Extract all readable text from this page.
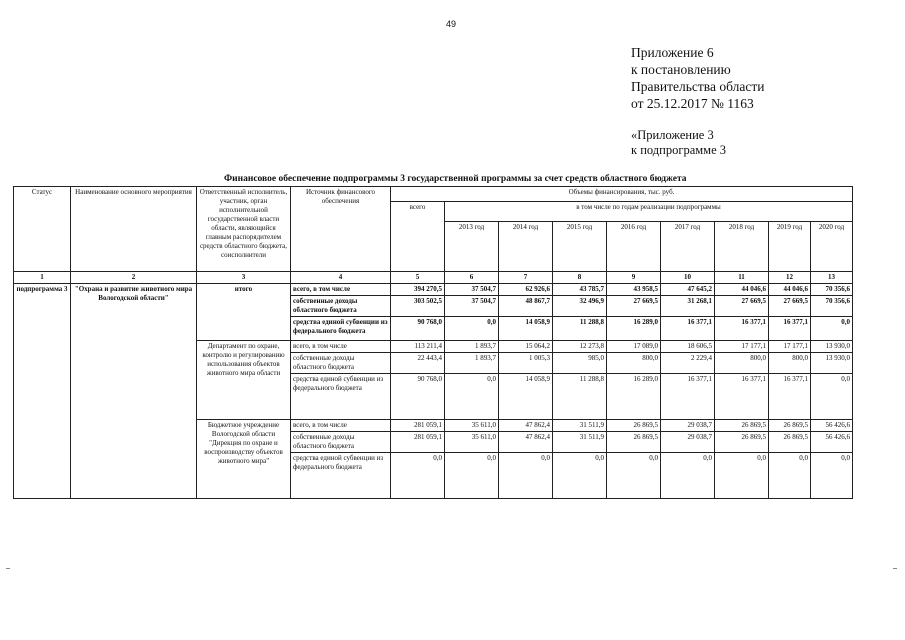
49
Приложение 6
к постановлению
Правительства области
от 25.12.2017 № 1163
«Приложение 3
к подпрограмме 3
Финансовое обеспечение подпрограммы 3 государственной программы за счет средств областного бюджета
Статус	Наименование основного мероприятия	Ответственный исполнитель, участник, орган исполнительной государственной власти области, являющийся главным распорядителем средств областного бюджета, соисполнители	Источник финансового обеспечения	Объемы финансирования, тыс. руб.								
				всего	в том числе по годам реализации подпрограммы							
					2013 год	2014 год	2015 год	2016 год	2017 год	2018 год	2019 год	2020 год
1	2	3	4	5	6	7	8	9	10	11	12	13
подпрограмма 3	"Охрана и развитие животного мира Вологодской области"	итого	всего, в том числе	394 270,5	37 504,7	62 926,6	43 785,7	43 958,5	47 645,2	44 046,6	44 046,6	70 356,6
			собственные доходы областного бюджета	303 502,5	37 504,7	48 867,7	32 496,9	27 669,5	31 268,1	27 669,5	27 669,5	70 356,6
			средства единой субвенции из федерального бюджета	90 768,0	0,0	14 058,9	11 288,8	16 289,0	16 377,1	16 377,1	16 377,1	0,0
		Департамент по охране, контролю и регулированию использования объектов животного мира области	всего, в том числе	113 211,4	1 893,7	15 064,2	12 273,8	17 089,0	18 606,5	17 177,1	17 177,1	13 930,0
			собственные доходы областного бюджета	22 443,4	1 893,7	1 005,3	985,0	800,0	2 229,4	800,0	800,0	13 930,0
			средства единой субвенции из федерального бюджета	90 768,0	0,0	14 058,9	11 288,8	16 289,0	16 377,1	16 377,1	16 377,1	0,0
		Бюджетное учреждение Вологодской области "Дирекция по охране и воспроизводству объектов животного мира"	всего, в том числе	281 059,1	35 611,0	47 862,4	31 511,9	26 869,5	29 038,7	26 869,5	26 869,5	56 426,6
			собственные доходы областного бюджета	281 059,1	35 611,0	47 862,4	31 511,9	26 869,5	29 038,7	26 869,5	26 869,5	56 426,6
			средства единой субвенции из федерального бюджета	0,0	0,0	0,0	0,0	0,0	0,0	0,0	0,0	0,0
